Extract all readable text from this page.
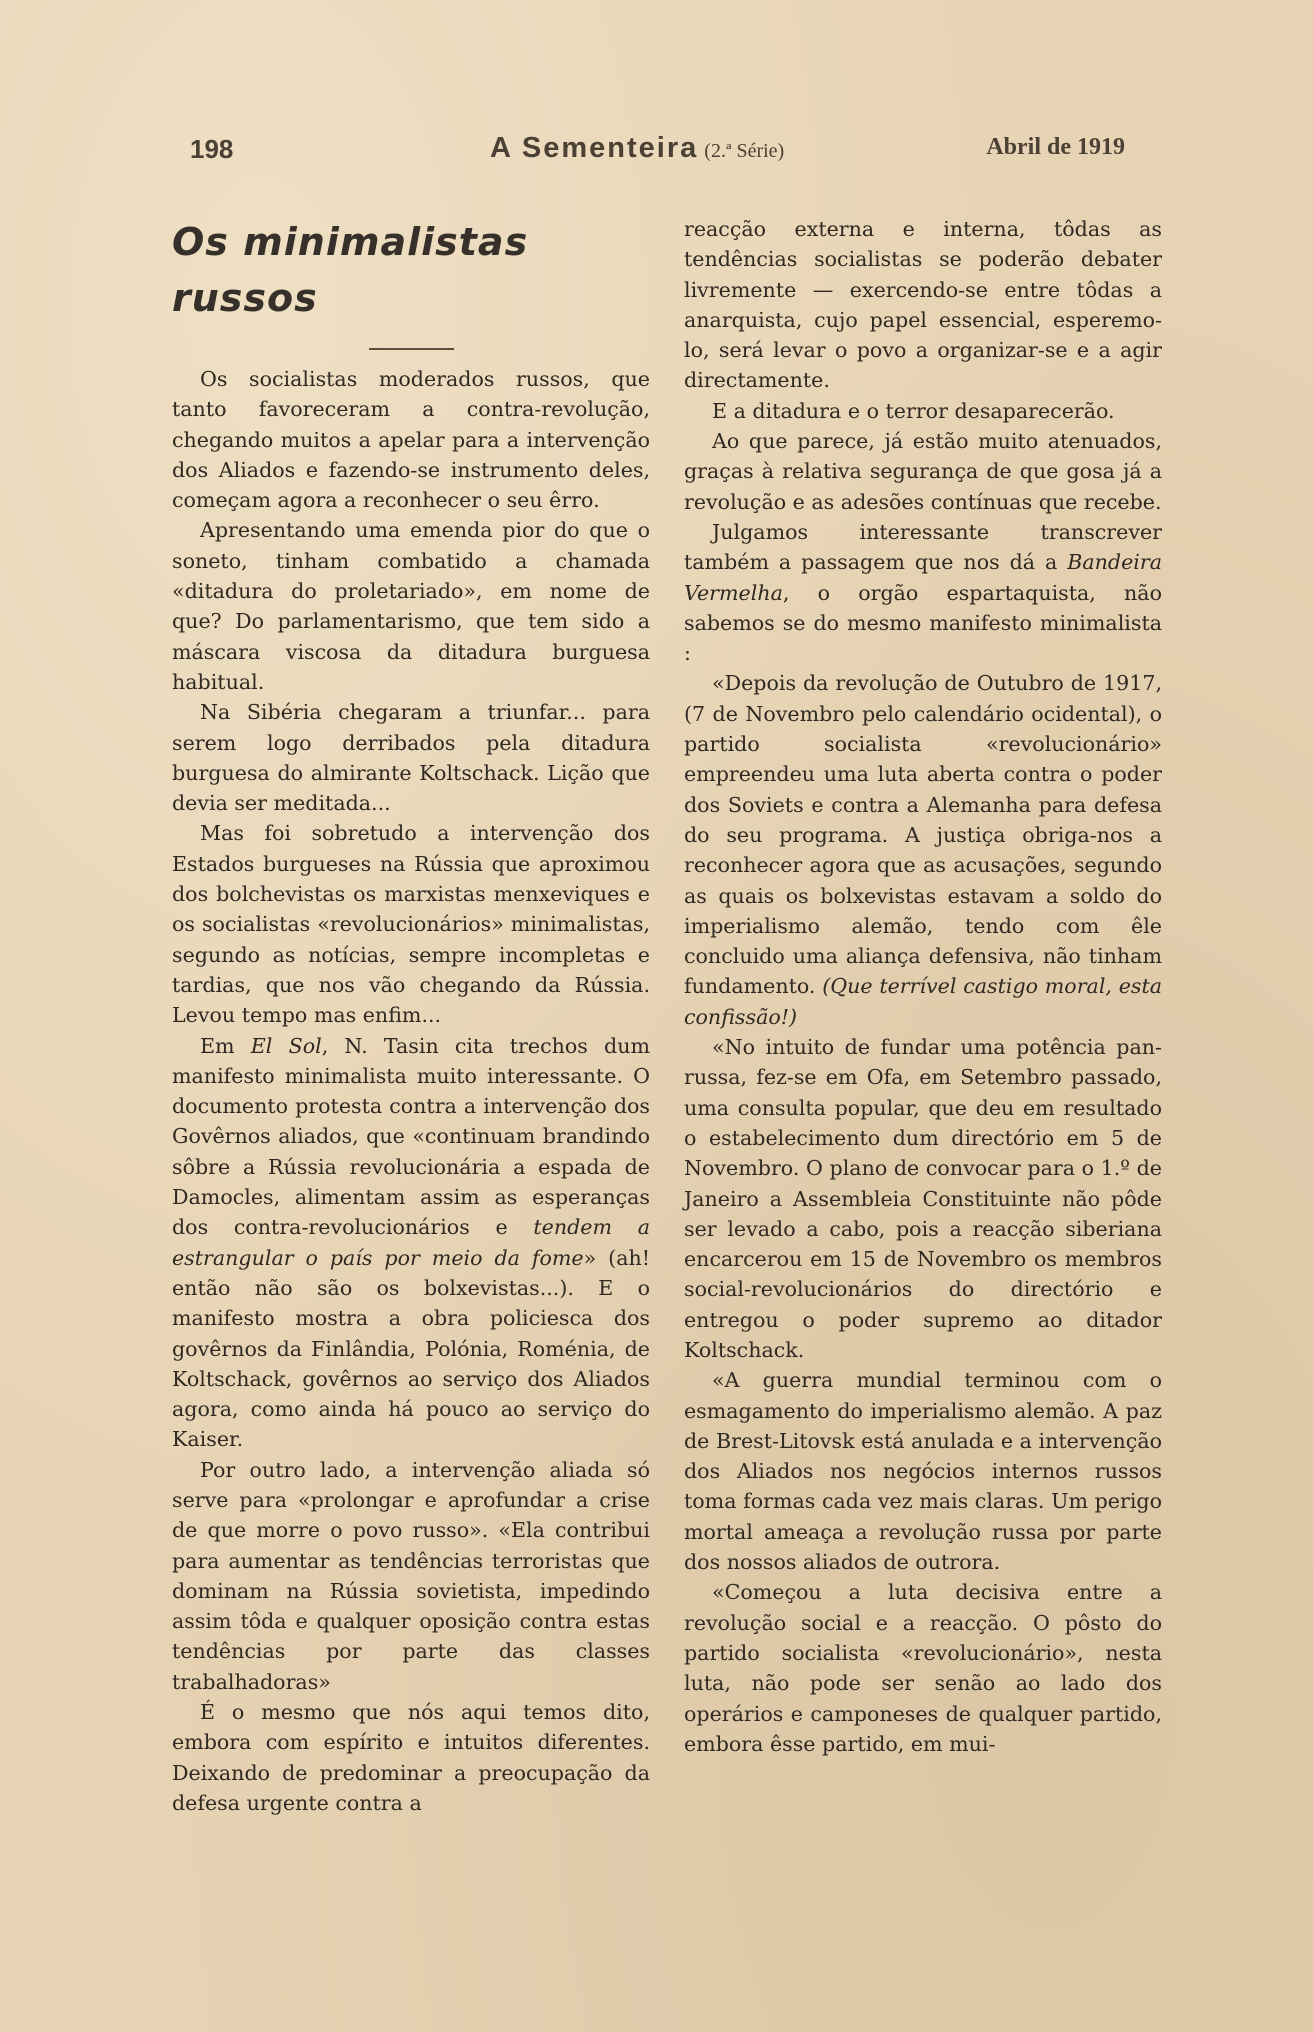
198	A Sementeira (2.ª Série)	Abril de 1919
Os minimalistas russos

Os socialistas moderados russos, que tanto favoreceram a contra-revolução, chegando muitos a apelar para a intervenção dos Aliados e fazendo-se instrumento deles, começam agora a reconhecer o seu êrro.

Apresentando uma emenda pior do que o soneto, tinham combatido a chamada «ditadura do proletariado», em nome de que? Do parlamentarismo, que tem sido a máscara viscosa da ditadura burguesa habitual.

Na Sibéria chegaram a triunfar... para serem logo derribados pela ditadura burguesa do almirante Koltschack. Lição que devia ser meditada...

Mas foi sobretudo a intervenção dos Estados burgueses na Rússia que aproximou dos bolchevistas os marxistas menxeviques e os socialistas «revolucionários» minimalistas, segundo as notícias, sempre incompletas e tardias, que nos vão chegando da Rússia. Levou tempo mas enfim...

Em El Sol, N. Tasin cita trechos dum manifesto minimalista muito interessante. O documento protesta contra a intervenção dos Govêrnos aliados, que «continuam brandindo sôbre a Rússia revolucionária a espada de Damocles, alimentam assim as esperanças dos contra-revolucionários e tendem a estrangular o país por meio da fome» (ah! então não são os bolxevistas...). E o manifesto mostra a obra policiesca dos govêrnos da Finlândia, Polónia, Roménia, de Koltschack, govêrnos ao serviço dos Aliados agora, como ainda há pouco ao serviço do Kaiser.

Por outro lado, a intervenção aliada só serve para «prolongar e aprofundar a crise de que morre o povo russo». «Ela contribui para aumentar as tendências terroristas que dominam na Rússia sovietista, impedindo assim tôda e qualquer oposição contra estas tendências por parte das classes trabalhadoras»

É o mesmo que nós aqui temos dito, embora com espírito e intuitos diferentes. Deixando de predominar a preocupação da defesa urgente contra a

reacção externa e interna, tôdas as tendências socialistas se poderão debater livremente — exercendo-se entre tôdas a anarquista, cujo papel essencial, esperemo-lo, será levar o povo a organizar-se e a agir directamente.

E a ditadura e o terror desaparecerão.

Ao que parece, já estão muito atenuados, graças à relativa segurança de que gosa já a revolução e as adesões contínuas que recebe.

Julgamos interessante transcrever também a passagem que nos dá a Bandeira Vermelha, o orgão espartaquista, não sabemos se do mesmo manifesto minimalista :

«Depois da revolução de Outubro de 1917, (7 de Novembro pelo calendário ocidental), o partido socialista «revolucionário» empreendeu uma luta aberta contra o poder dos Soviets e contra a Alemanha para defesa do seu programa. A justiça obriga-nos a reconhecer agora que as acusações, segundo as quais os bolxevistas estavam a soldo do imperialismo alemão, tendo com êle concluido uma aliança defensiva, não tinham fundamento. (Que terrível castigo moral, esta confissão!)

«No intuito de fundar uma potência pan-russa, fez-se em Ofa, em Setembro passado, uma consulta popular, que deu em resultado o estabelecimento dum directório em 5 de Novembro. O plano de convocar para o 1.º de Janeiro a Assembleia Constituinte não pôde ser levado a cabo, pois a reacção siberiana encarcerou em 15 de Novembro os membros social-revolucionários do directório e entregou o poder supremo ao ditador Koltschack.

«A guerra mundial terminou com o esmagamento do imperialismo alemão. A paz de Brest-Litovsk está anulada e a intervenção dos Aliados nos negócios internos russos toma formas cada vez mais claras. Um perigo mortal ameaça a revolução russa por parte dos nossos aliados de outrora.

«Começou a luta decisiva entre a revolução social e a reacção. O pôsto do partido socialista «revolucionário», nesta luta, não pode ser senão ao lado dos operários e camponeses de qualquer partido, embora êsse partido, em mui-
